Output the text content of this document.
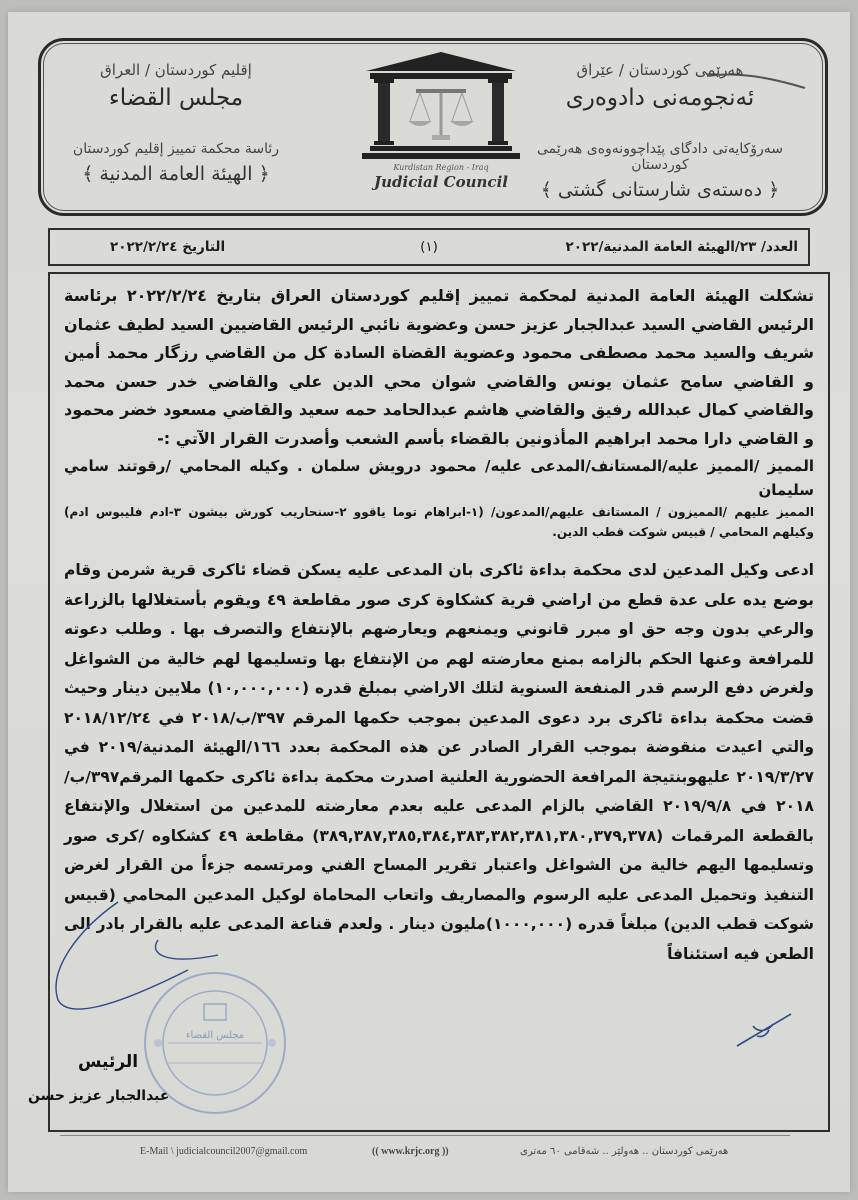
إقليم كوردستان / العراق
مجلس القضاء
رئاسة محكمة تمييز إقليم كوردستان
﴿ الهيئة العامة المدنية ﴾	Kurdistan Region - Iraq
Judicial Council
هەرێمی کوردستان / عێراق
ئەنجومەنی دادوەری
سەرۆکایەتی دادگای پێداچوونەوەی هەرێمی کوردستان
﴿ دەستەی شارستانی گشتی ﴾
العدد/ ٢٣/الهيئة العامة المدنية/٢٠٢٢
(١)
التاريخ ٢٠٢٢/٢/٢٤
تشكلت الهيئة العامة المدنية لمحكمة تمييز إقليم كوردستان العراق بتاريخ ٢٠٢٢/٢/٢٤ برئاسة الرئيس القاضي السيد عبدالجبار عزيز حسن وعضوية نائبي الرئيس القاضيين السيد لطيف عثمان شريف والسيد محمد مصطفى محمود وعضوية القضاة السادة كل من القاضي رزگار محمد أمين و القاضي سامح عثمان يونس والقاضي شوان محي الدين علي والقاضي خدر حسن محمد والقاضي كمال عبدالله رفيق والقاضي هاشم عبدالحامد حمه سعيد والقاضي مسعود خضر محمود و القاضي دارا محمد ابراهيم المأذونين بالقضاء بأسم الشعب وأصدرت القرار الآتي :-
المميز /المميز عليه/المستانف/المدعى عليه/ محمود درويش سلمان . وكيله المحامي /رقوتند سامي سليمان
المميز عليهم /المميزون / المستانف عليهم/المدعون/ (١-ابراهام توما ياقوو ٢-سنحاريب كورش بيشون ٣-ادم فليبوس ادم) وكيلهم المحامي / قبيس شوكت قطب الدين.
ادعى وكيل المدعين لدى محكمة بداءة ئاكرى بان المدعى عليه يسكن قضاء ئاكرى قرية شرمن وقام بوضع يده على عدة قطع من اراضي قرية كشكاوة كرى صور مقاطعة ٤٩ ويقوم بأستغلالها بالزراعة والرعي بدون وجه حق او مبرر قانوني ويمنعهم ويعارضهم بالإنتفاع والتصرف بها . وطلب دعوته للمرافعة وعنها الحكم بالزامه بمنع معارضته لهم من الإنتفاع بها وتسليمها لهم خالية من الشواغل ولغرض دفع الرسم قدر المنفعة السنوية لتلك الاراضي بمبلغ قدره (١٠,٠٠٠,٠٠٠) ملايين دينار وحيث قضت محكمة بداءة ئاكرى برد دعوى المدعين بموجب حكمها المرقم ٣٩٧/ب/٢٠١٨ في ٢٠١٨/١٢/٢٤ والتي اعيدت منقوضة بموجب القرار الصادر عن هذه المحكمة بعدد ١٦٦/الهيئة المدنية/٢٠١٩ في ٢٠١٩/٣/٢٧ عليهوبنتيجة المرافعة الحضورية العلنية اصدرت محكمة بداءة ئاكرى حكمها المرقم٣٩٧/ب/٢٠١٨ في ٢٠١٩/٩/٨ القاضي بالزام المدعى عليه بعدم معارضته للمدعين من استغلال والإنتفاع بالقطعة المرقمات (٣٨٩,٣٨٧,٣٨٥,٣٨٤,٣٨٣,٣٨٢,٣٨١,٣٨٠,٣٧٩,٣٧٨) مقاطعة ٤٩ كشكاوه /كرى صور وتسليمها اليهم خالية من الشواغل واعتبار تقرير المساح الفني ومرتسمه جزءاً من القرار لغرض التنفيذ وتحميل المدعى عليه الرسوم والمصاريف واتعاب المحاماة لوكيل المدعين المحامي (قبيس شوكت قطب الدين) مبلغاً قدره (١٠٠٠,٠٠٠)مليون دينار . ولعدم قناعة المدعى عليه بالقرار بادر الى الطعن فيه استئنافاً
مجلس القضاء
الرئيس
عبدالجبار عزيز حسن
E-Mail \ judicialcouncil2007@gmail.com	(( www.krjc.org ))	هەرێمی کوردستان .. هەولێر .. شەقامی ٦٠ مەتری
